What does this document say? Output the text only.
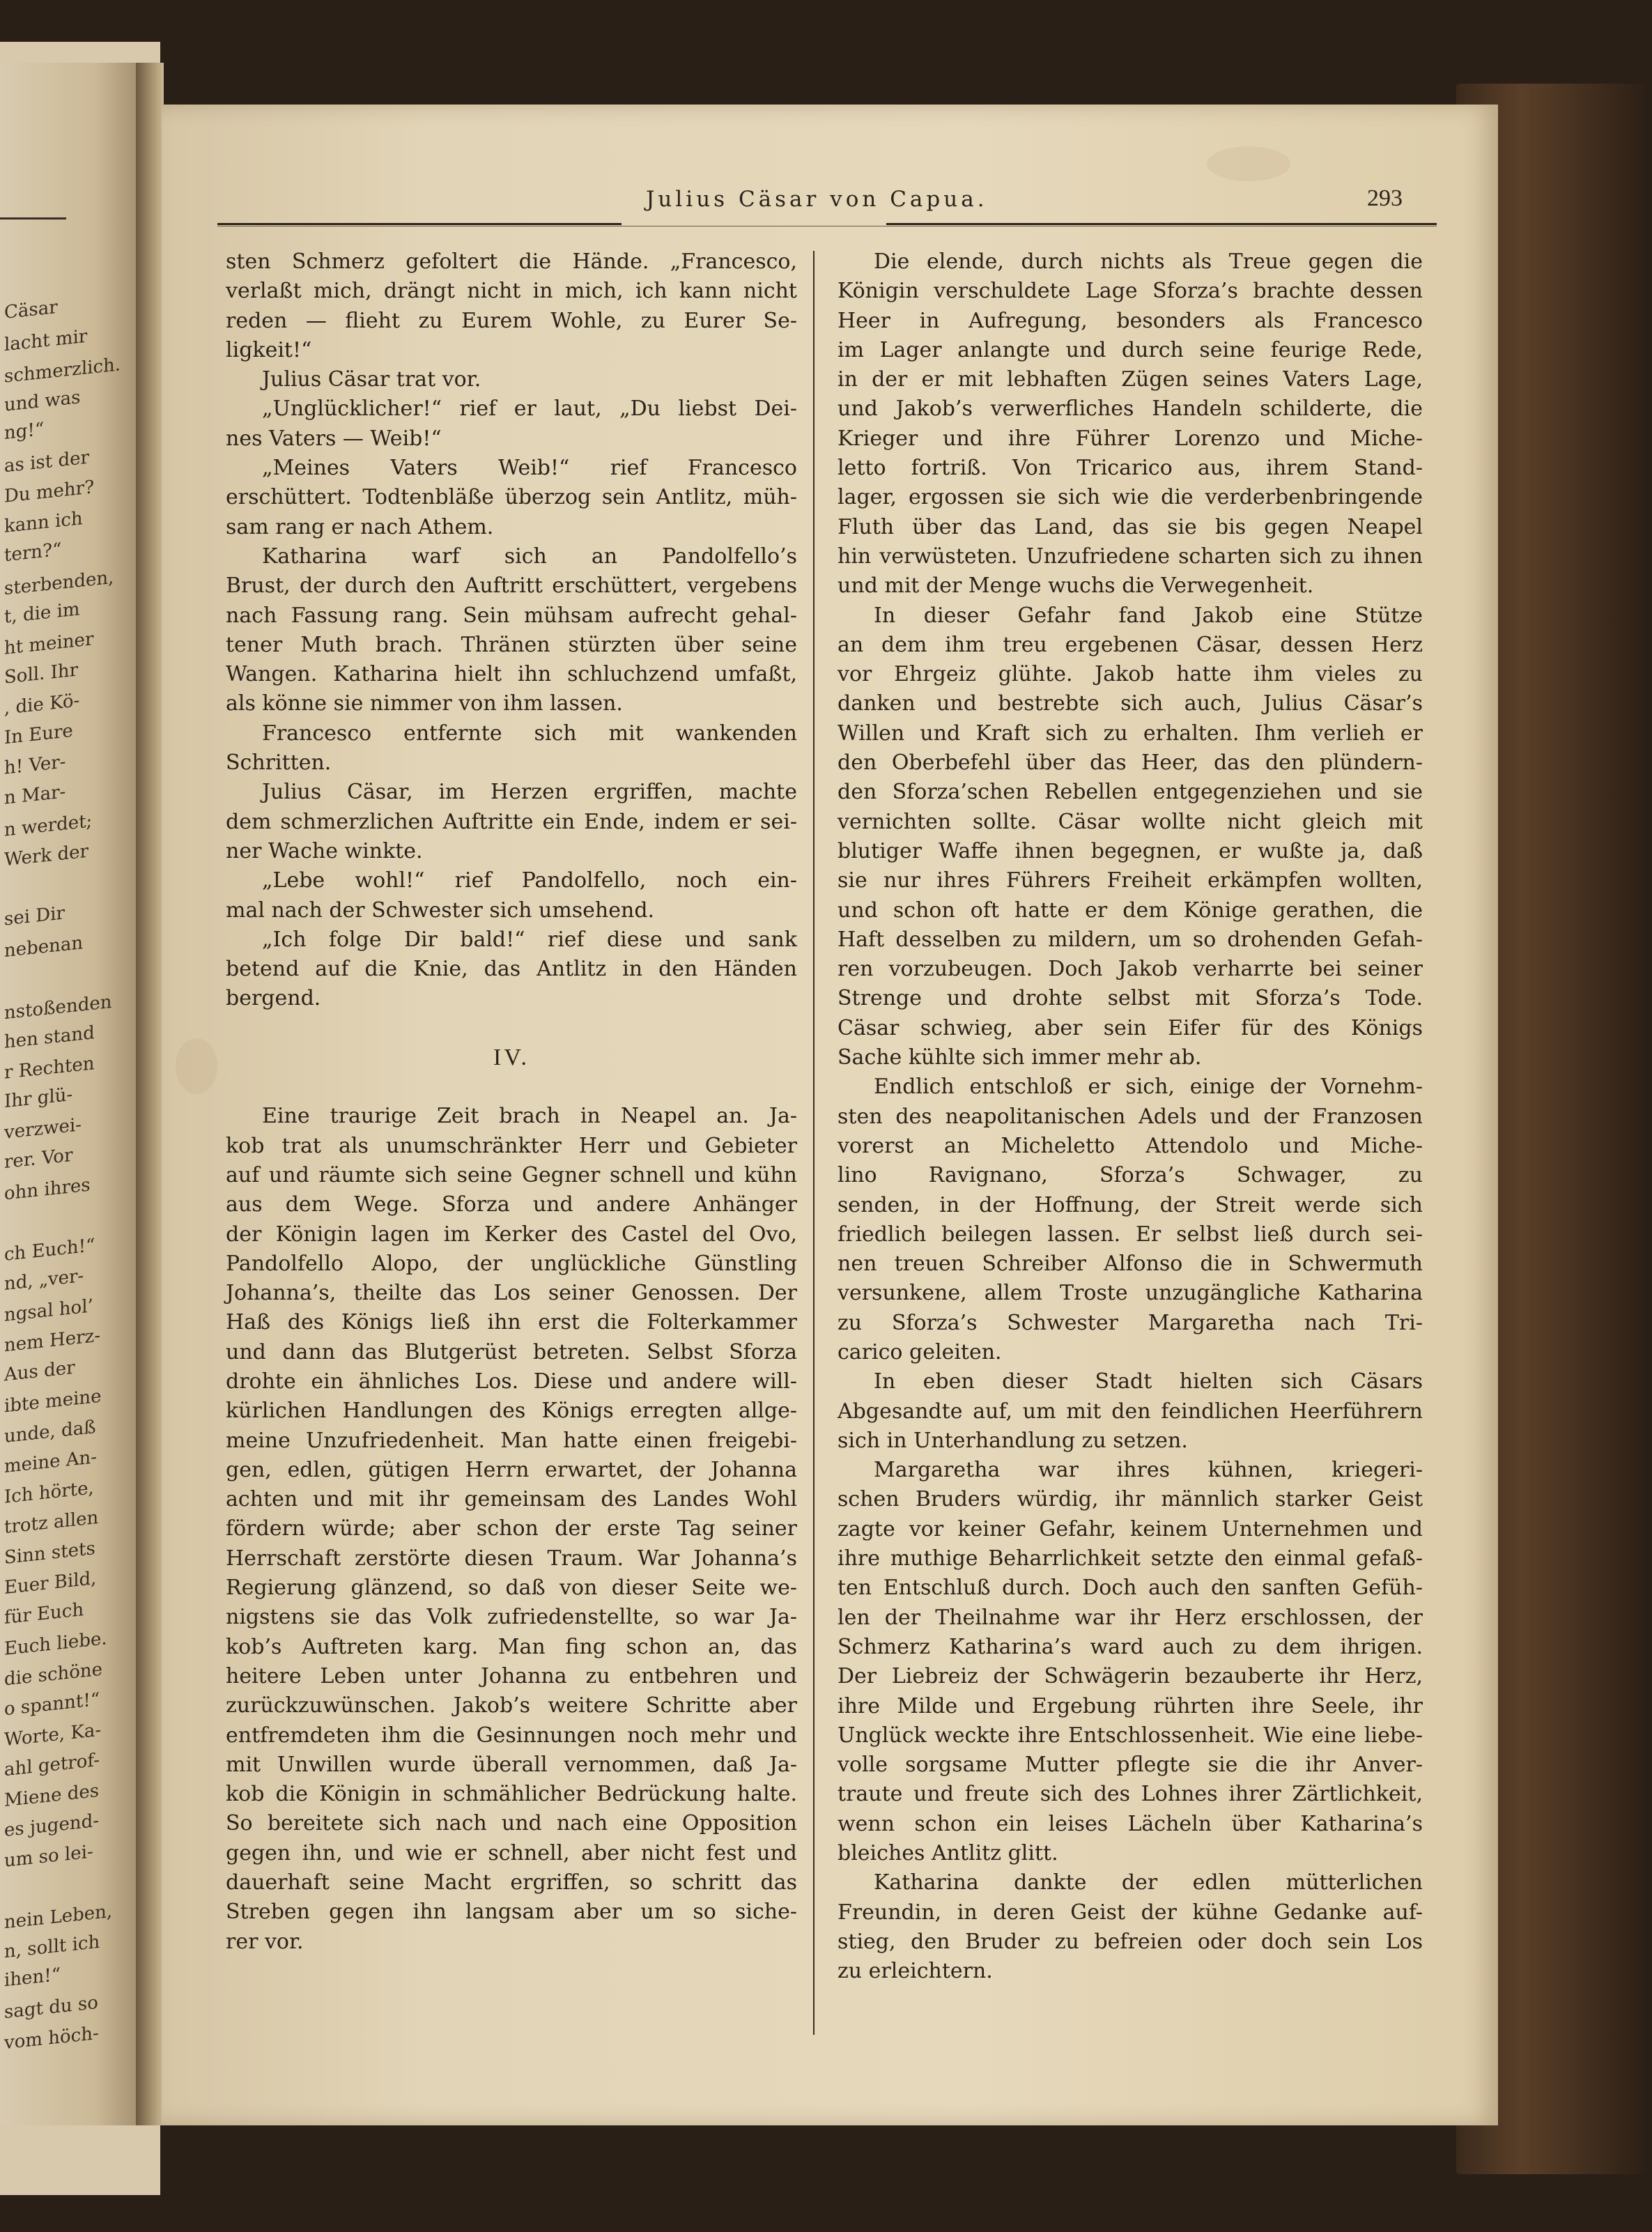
Cäsar
lacht mir
schmerzlich.
und was
ng!“
as ist der
Du mehr?
kann ich
tern?“
sterbenden,
t, die im
ht meiner
Soll. Ihr
, die Kö-
In Eure
h! Ver-
n Mar-
n werdet;
Werk der
sei Dir
nebenan
nstoßenden
hen stand
r Rechten
Ihr glü-
verzwei-
rer. Vor
ohn ihres
ch Euch!“
nd, „ver-
ngsal hol’
nem Herz-
Aus der
ibte meine
unde, daß
meine An-
Ich hörte,
trotz allen
Sinn stets
Euer Bild,
für Euch
Euch liebe.
die schöne
o spannt!“
Worte, Ka-
ahl getrof-
Miene des
es jugend-
um so lei-
nein Leben,
n, sollt ich
ihen!“
sagt du so
vom höch-
Julius Cäsar von Capua.	293
sten Schmerz gefoltert die Hände. „Francesco,
verlaßt mich, drängt nicht in mich, ich kann nicht
reden — flieht zu Eurem Wohle, zu Eurer Se-
ligkeit!“
Julius Cäsar trat vor.
„Unglücklicher!“ rief er laut, „Du liebst Dei-
nes Vaters — Weib!“
„Meines Vaters Weib!“ rief Francesco
erschüttert. Todtenbläße überzog sein Antlitz, müh-
sam rang er nach Athem.
Katharina warf sich an Pandolfello’s
Brust, der durch den Auftritt erschüttert, vergebens
nach Fassung rang. Sein mühsam aufrecht gehal-
tener Muth brach. Thränen stürzten über seine
Wangen. Katharina hielt ihn schluchzend umfaßt,
als könne sie nimmer von ihm lassen.
Francesco entfernte sich mit wankenden
Schritten.
Julius Cäsar, im Herzen ergriffen, machte
dem schmerzlichen Auftritte ein Ende, indem er sei-
ner Wache winkte.
„Lebe wohl!“ rief Pandolfello, noch ein-
mal nach der Schwester sich umsehend.
„Ich folge Dir bald!“ rief diese und sank
betend auf die Knie, das Antlitz in den Händen
bergend.
IV.
Eine traurige Zeit brach in Neapel an. Ja-
kob trat als unumschränkter Herr und Gebieter
auf und räumte sich seine Gegner schnell und kühn
aus dem Wege. Sforza und andere Anhänger
der Königin lagen im Kerker des Castel del Ovo,
Pandolfello Alopo, der unglückliche Günstling
Johanna’s, theilte das Los seiner Genossen. Der
Haß des Königs ließ ihn erst die Folterkammer
und dann das Blutgerüst betreten. Selbst Sforza
drohte ein ähnliches Los. Diese und andere will-
kürlichen Handlungen des Königs erregten allge-
meine Unzufriedenheit. Man hatte einen freigebi-
gen, edlen, gütigen Herrn erwartet, der Johanna
achten und mit ihr gemeinsam des Landes Wohl
fördern würde; aber schon der erste Tag seiner
Herrschaft zerstörte diesen Traum. War Johanna’s
Regierung glänzend, so daß von dieser Seite we-
nigstens sie das Volk zufriedenstellte, so war Ja-
kob’s Auftreten karg. Man fing schon an, das
heitere Leben unter Johanna zu entbehren und
zurückzuwünschen. Jakob’s weitere Schritte aber
entfremdeten ihm die Gesinnungen noch mehr und
mit Unwillen wurde überall vernommen, daß Ja-
kob die Königin in schmählicher Bedrückung halte.
So bereitete sich nach und nach eine Opposition
gegen ihn, und wie er schnell, aber nicht fest und
dauerhaft seine Macht ergriffen, so schritt das
Streben gegen ihn langsam aber um so siche-
rer vor.
Die elende, durch nichts als Treue gegen die
Königin verschuldete Lage Sforza’s brachte dessen
Heer in Aufregung, besonders als Francesco
im Lager anlangte und durch seine feurige Rede,
in der er mit lebhaften Zügen seines Vaters Lage,
und Jakob’s verwerfliches Handeln schilderte, die
Krieger und ihre Führer Lorenzo und Miche-
letto fortriß. Von Tricarico aus, ihrem Stand-
lager, ergossen sie sich wie die verderbenbringende
Fluth über das Land, das sie bis gegen Neapel
hin verwüsteten. Unzufriedene scharten sich zu ihnen
und mit der Menge wuchs die Verwegenheit.
In dieser Gefahr fand Jakob eine Stütze
an dem ihm treu ergebenen Cäsar, dessen Herz
vor Ehrgeiz glühte. Jakob hatte ihm vieles zu
danken und bestrebte sich auch, Julius Cäsar’s
Willen und Kraft sich zu erhalten. Ihm verlieh er
den Oberbefehl über das Heer, das den plündern-
den Sforza’schen Rebellen entgegenziehen und sie
vernichten sollte. Cäsar wollte nicht gleich mit
blutiger Waffe ihnen begegnen, er wußte ja, daß
sie nur ihres Führers Freiheit erkämpfen wollten,
und schon oft hatte er dem Könige gerathen, die
Haft desselben zu mildern, um so drohenden Gefah-
ren vorzubeugen. Doch Jakob verharrte bei seiner
Strenge und drohte selbst mit Sforza’s Tode.
Cäsar schwieg, aber sein Eifer für des Königs
Sache kühlte sich immer mehr ab.
Endlich entschloß er sich, einige der Vornehm-
sten des neapolitanischen Adels und der Franzosen
vorerst an Micheletto Attendolo und Miche-
lino Ravignano, Sforza’s Schwager, zu
senden, in der Hoffnung, der Streit werde sich
friedlich beilegen lassen. Er selbst ließ durch sei-
nen treuen Schreiber Alfonso die in Schwermuth
versunkene, allem Troste unzugängliche Katharina
zu Sforza’s Schwester Margaretha nach Tri-
carico geleiten.
In eben dieser Stadt hielten sich Cäsars
Abgesandte auf, um mit den feindlichen Heerführern
sich in Unterhandlung zu setzen.
Margaretha war ihres kühnen, kriegeri-
schen Bruders würdig, ihr männlich starker Geist
zagte vor keiner Gefahr, keinem Unternehmen und
ihre muthige Beharrlichkeit setzte den einmal gefaß-
ten Entschluß durch. Doch auch den sanften Gefüh-
len der Theilnahme war ihr Herz erschlossen, der
Schmerz Katharina’s ward auch zu dem ihrigen.
Der Liebreiz der Schwägerin bezauberte ihr Herz,
ihre Milde und Ergebung rührten ihre Seele, ihr
Unglück weckte ihre Entschlossenheit. Wie eine liebe-
volle sorgsame Mutter pflegte sie die ihr Anver-
traute und freute sich des Lohnes ihrer Zärtlichkeit,
wenn schon ein leises Lächeln über Katharina’s
bleiches Antlitz glitt.
Katharina dankte der edlen mütterlichen
Freundin, in deren Geist der kühne Gedanke auf-
stieg, den Bruder zu befreien oder doch sein Los
zu erleichtern.
